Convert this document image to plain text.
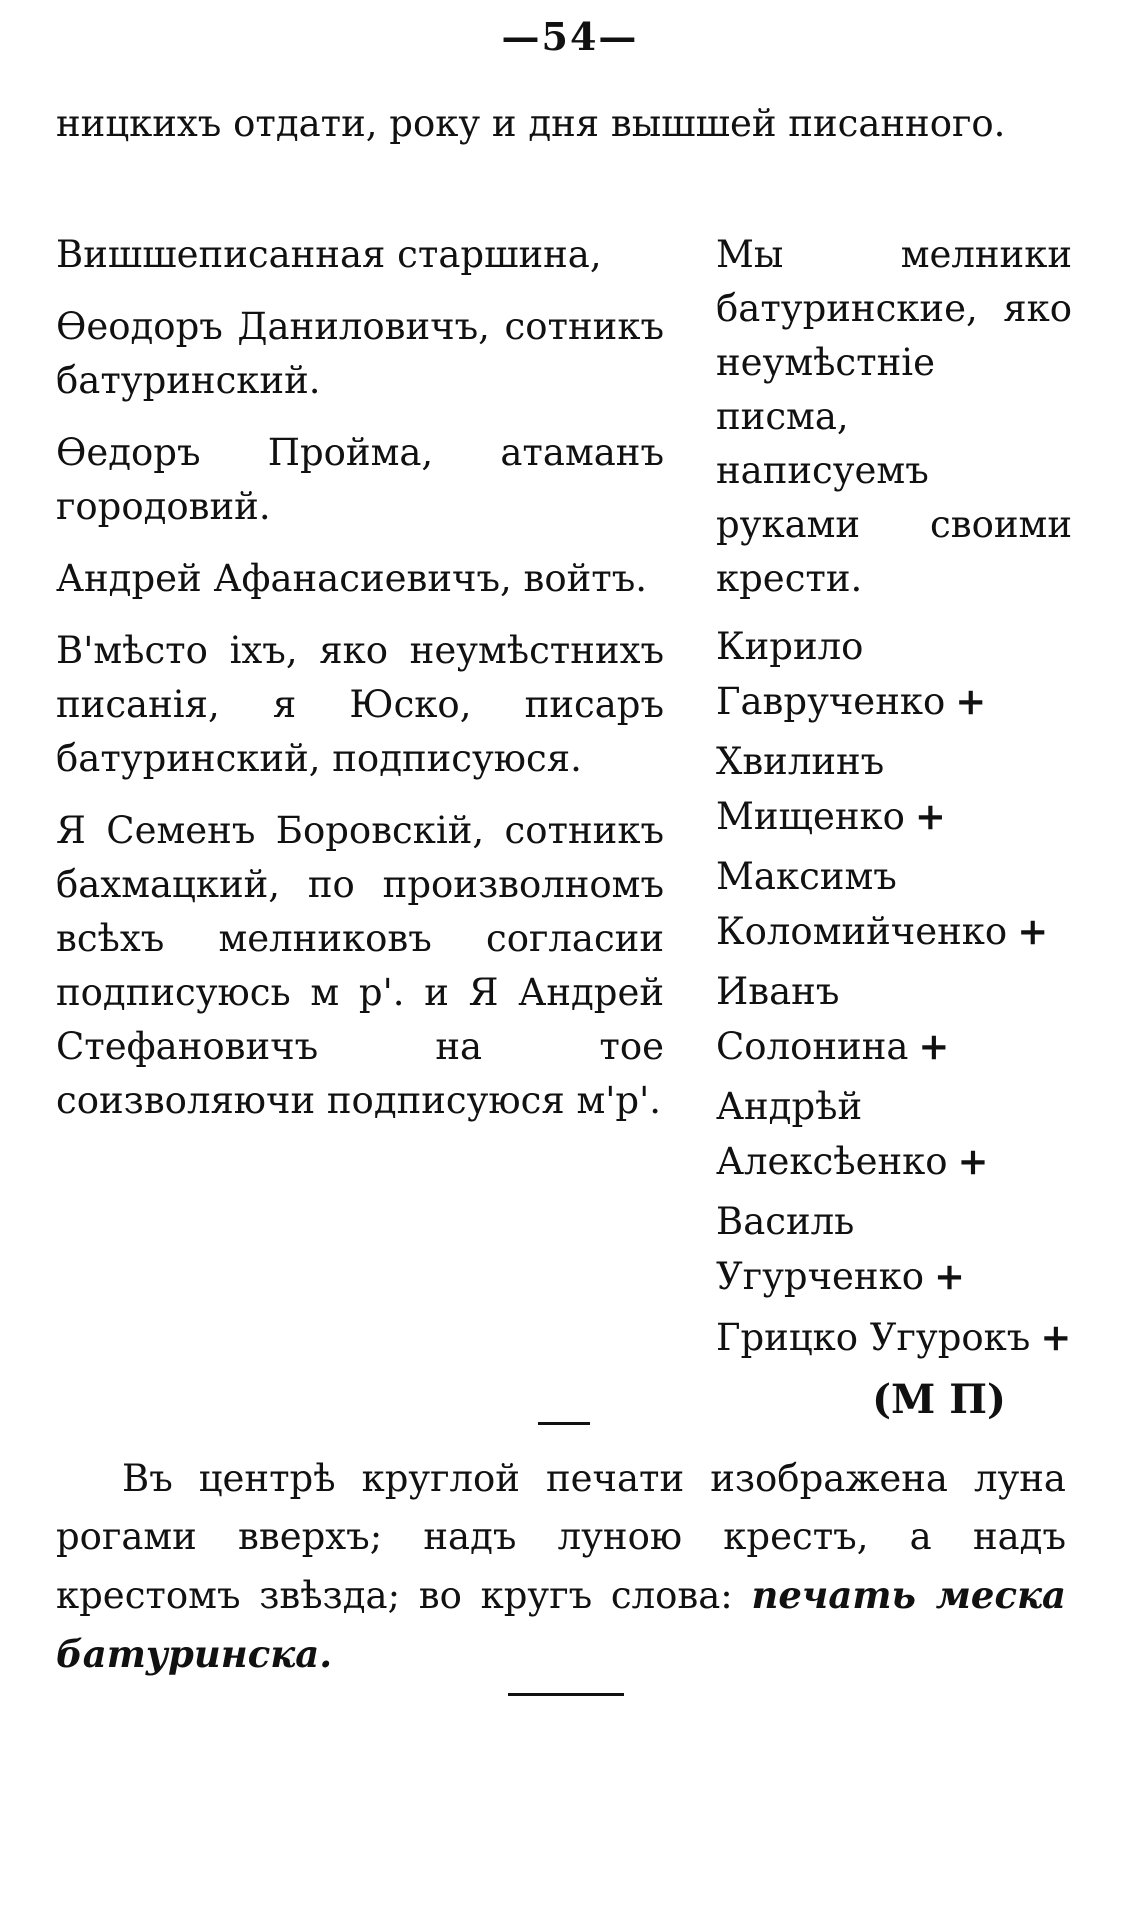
—54—
ницкихъ отдати, року и дня вышшей писанного.

Вишшеписанная старшина,

Өеодоръ Даниловичъ, сотникъ батуринский.

Өедоръ Пройма, атаманъ городовий.

Андрей Афанасиевичъ, войтъ.

В'мѣсто іхъ, яко неумѣстнихъ писанія, я Юско, писаръ батуринский, подписуюся.

Я Семенъ Боровскій, сотникъ бахмацкий, по произволномъ всѣхъ мелниковъ согласии подписуюсь м р'. и Я Андрей Стефановичъ на тое соизволяючи подписуюся м'р'.

Мы мелники батуринские, яко неумѣстніе писма, написуемъ руками своими крести.

Кирило Гаврученко +

Хвилинъ Мищенко +

Максимъ Коломийченко +

Иванъ Солонина +

Андрѣй Алексѣенко +

Василь Угурченко +

Грицко Угурокъ +

(М П)
Въ центрѣ круглой печати изображена луна рогами вверхъ; надъ луною крестъ, а надъ крестомъ звѣзда; во кругъ слова: печать меска батуринска.
